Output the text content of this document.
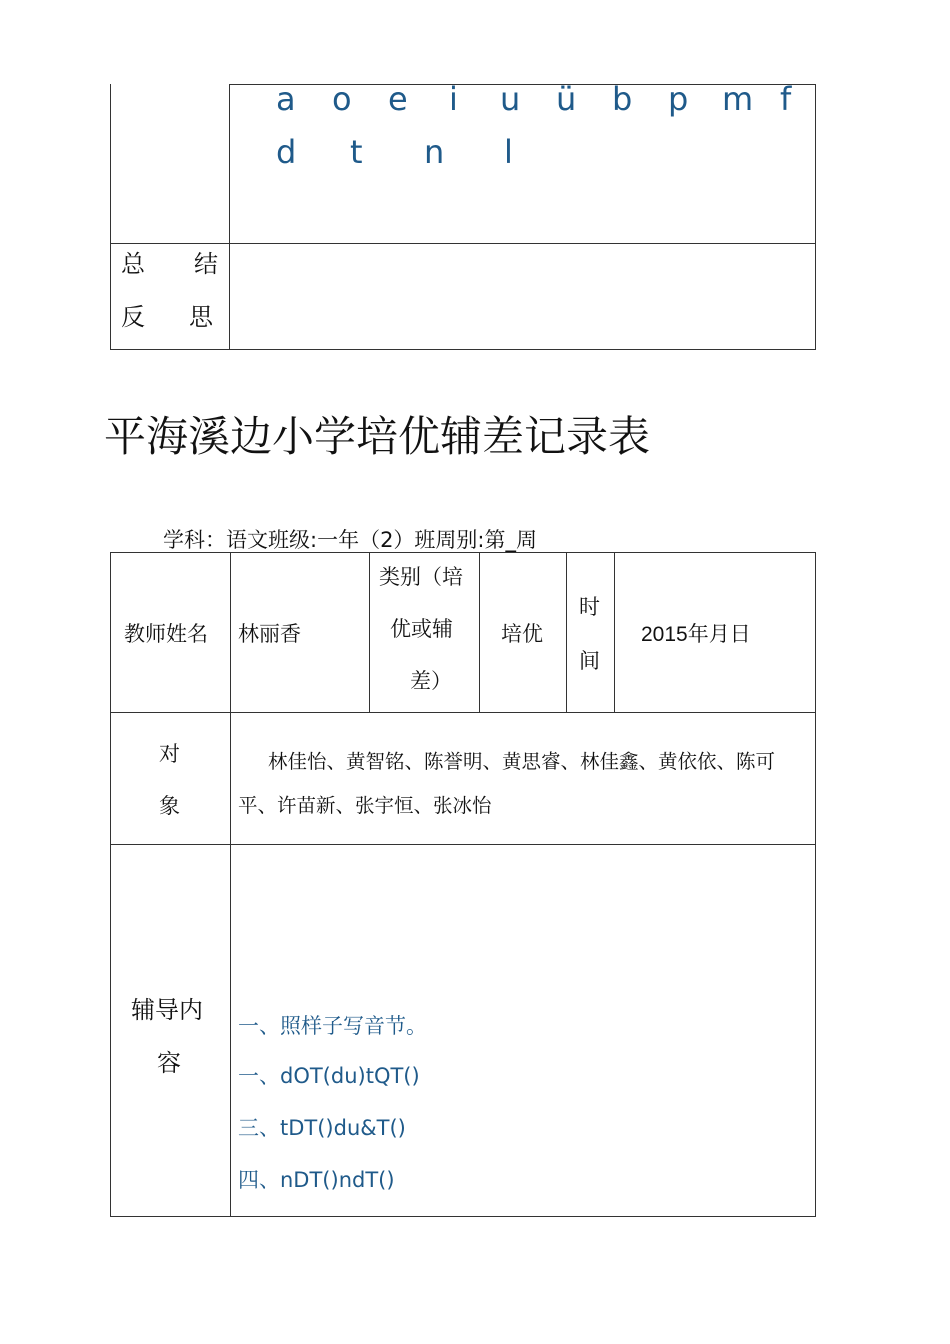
a o e i u ü b p m f
d t n l
总 结
反 思
平海溪边小学培优辅差记录表
学科：语文班级:一年（2）班周别:第_周
教师姓名 林丽香
类别（培
优或辅
差）
培优
时
间
2015年月日
对
象
林佳怡、黄智铭、陈誉明、黄思睿、林佳鑫、黄依依、陈可
平、许苗新、张宇恒、张冰怡
辅导内
容
一、照样子写音节。
一、dOT(du)tQT()
三、tDT()du&T()
四、nDT()ndT()
